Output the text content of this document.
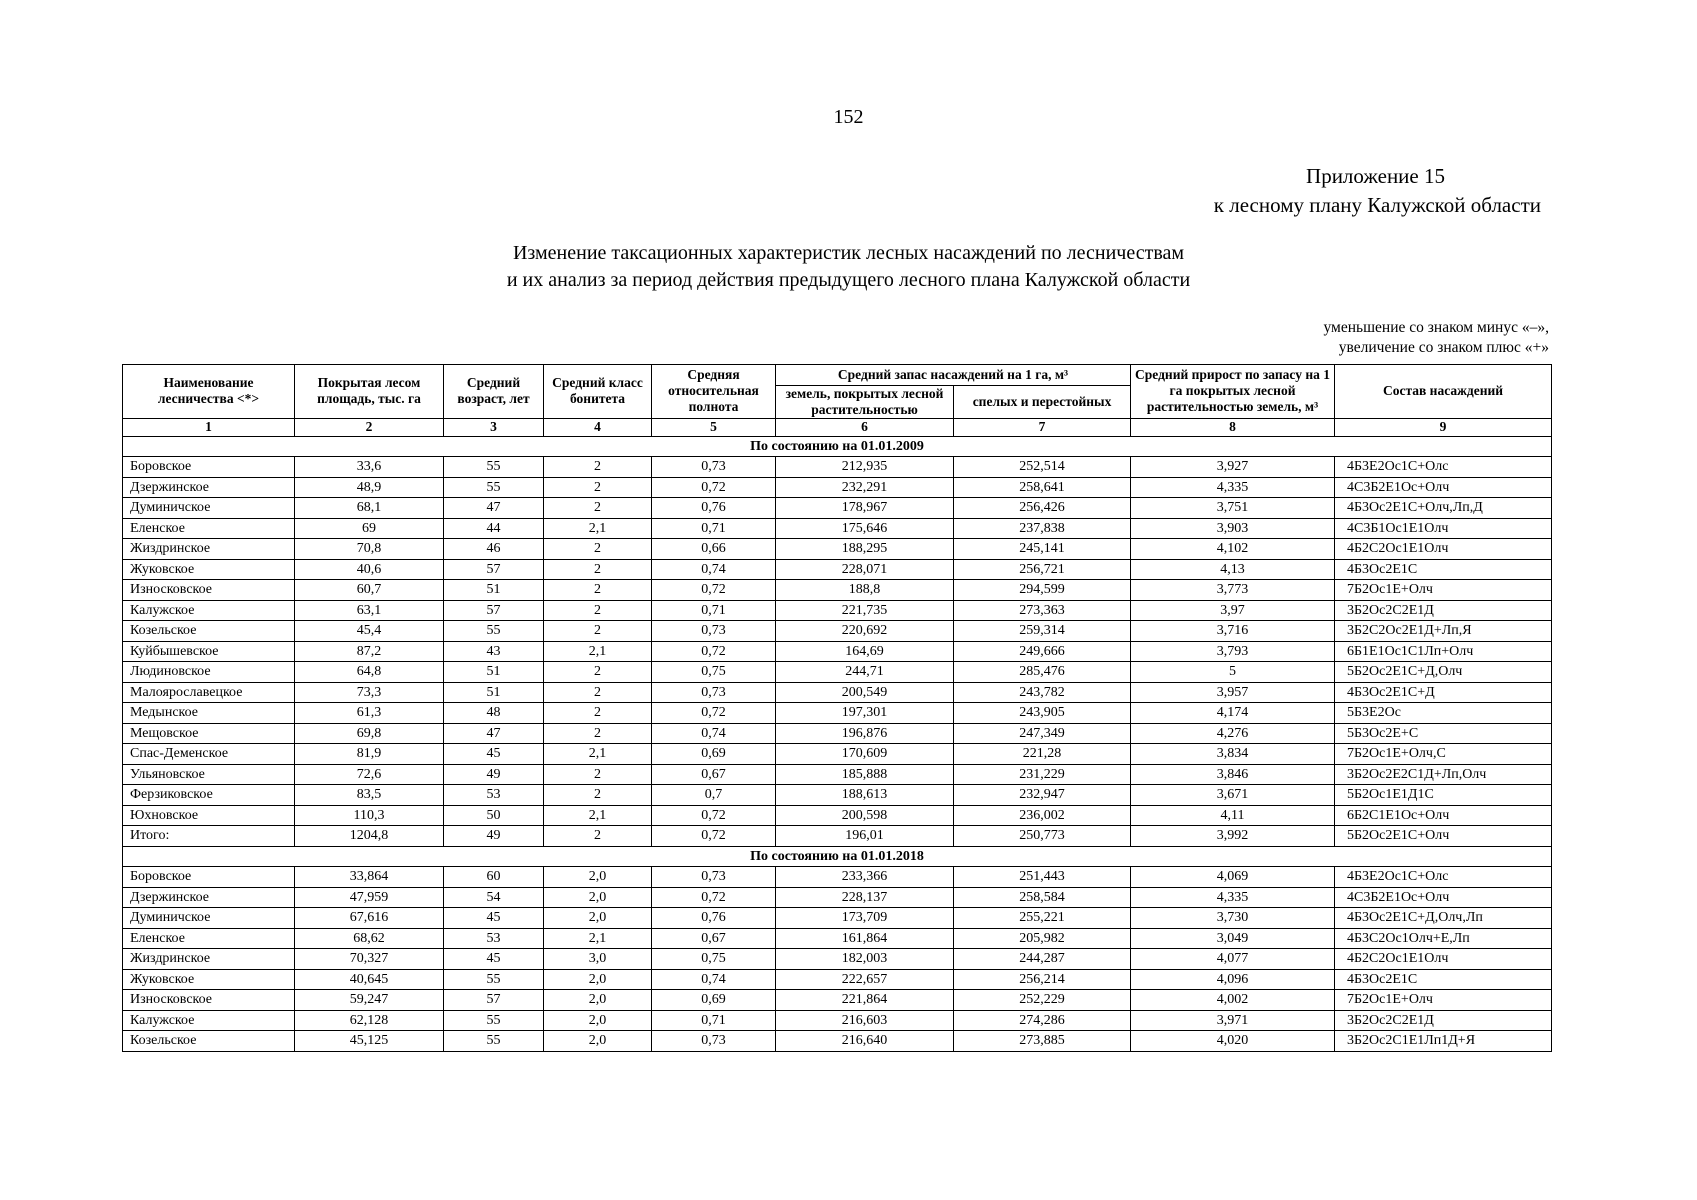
152
Приложение 15
к лесному плану Калужской области
Изменение таксационных характеристик лесных насаждений по лесничествам
и их анализ за период действия предыдущего лесного плана Калужской области
уменьшение со знаком минус «–»,
увеличение со знаком плюс «+»
Наименование лесничества <*>	Покрытая лесом площадь, тыс. га	Средний возраст, лет	Средний класс бонитета	Средняя относительная полнота	Средний запас насаждений на 1 га, м³		Средний прирост по запасу на 1 га покрытых лесной растительностью земель, м³	Состав насаждений
					земель, покрытых лесной растительностью	спелых и перестойных		
1	2	3	4	5	6	7	8	9
По состоянию на 01.01.2009								
Боровское	33,6	55	2	0,73	212,935	252,514	3,927	4Б3Е2Ос1С+Олс
Дзержинское	48,9	55	2	0,72	232,291	258,641	4,335	4С3Б2Е1Ос+Олч
Думиничское	68,1	47	2	0,76	178,967	256,426	3,751	4Б3Ос2Е1С+Олч,Лп,Д
Еленское	69	44	2,1	0,71	175,646	237,838	3,903	4С3Б1Ос1Е1Олч
Жиздринское	70,8	46	2	0,66	188,295	245,141	4,102	4Б2С2Ос1Е1Олч
Жуковское	40,6	57	2	0,74	228,071	256,721	4,13	4Б3Ос2Е1С
Износковское	60,7	51	2	0,72	188,8	294,599	3,773	7Б2Ос1Е+Олч
Калужское	63,1	57	2	0,71	221,735	273,363	3,97	3Б2Ос2С2Е1Д
Козельское	45,4	55	2	0,73	220,692	259,314	3,716	3Б2С2Ос2Е1Д+Лп,Я
Куйбышевское	87,2	43	2,1	0,72	164,69	249,666	3,793	6Б1Е1Ос1С1Лп+Олч
Людиновское	64,8	51	2	0,75	244,71	285,476	5	5Б2Ос2Е1С+Д,Олч
Малоярославецкое	73,3	51	2	0,73	200,549	243,782	3,957	4Б3Ос2Е1С+Д
Медынское	61,3	48	2	0,72	197,301	243,905	4,174	5Б3Е2Ос
Мещовское	69,8	47	2	0,74	196,876	247,349	4,276	5Б3Ос2Е+С
Спас-Деменское	81,9	45	2,1	0,69	170,609	221,28	3,834	7Б2Ос1Е+Олч,С
Ульяновское	72,6	49	2	0,67	185,888	231,229	3,846	3Б2Ос2Е2С1Д+Лп,Олч
Ферзиковское	83,5	53	2	0,7	188,613	232,947	3,671	5Б2Ос1Е1Д1С
Юхновское	110,3	50	2,1	0,72	200,598	236,002	4,11	6Б2С1Е1Ос+Олч
Итого:	1204,8	49	2	0,72	196,01	250,773	3,992	5Б2Ос2Е1С+Олч
По состоянию на 01.01.2018								
Боровское	33,864	60	2,0	0,73	233,366	251,443	4,069	4Б3Е2Ос1С+Олс
Дзержинское	47,959	54	2,0	0,72	228,137	258,584	4,335	4С3Б2Е1Ос+Олч
Думиничское	67,616	45	2,0	0,76	173,709	255,221	3,730	4Б3Ос2Е1С+Д,Олч,Лп
Еленское	68,62	53	2,1	0,67	161,864	205,982	3,049	4Б3С2Ос1Олч+Е,Лп
Жиздринское	70,327	45	3,0	0,75	182,003	244,287	4,077	4Б2С2Ос1Е1Олч
Жуковское	40,645	55	2,0	0,74	222,657	256,214	4,096	4Б3Ос2Е1С
Износковское	59,247	57	2,0	0,69	221,864	252,229	4,002	7Б2Ос1Е+Олч
Калужское	62,128	55	2,0	0,71	216,603	274,286	3,971	3Б2Ос2С2Е1Д
Козельское	45,125	55	2,0	0,73	216,640	273,885	4,020	3Б2Ос2С1Е1Лп1Д+Я
